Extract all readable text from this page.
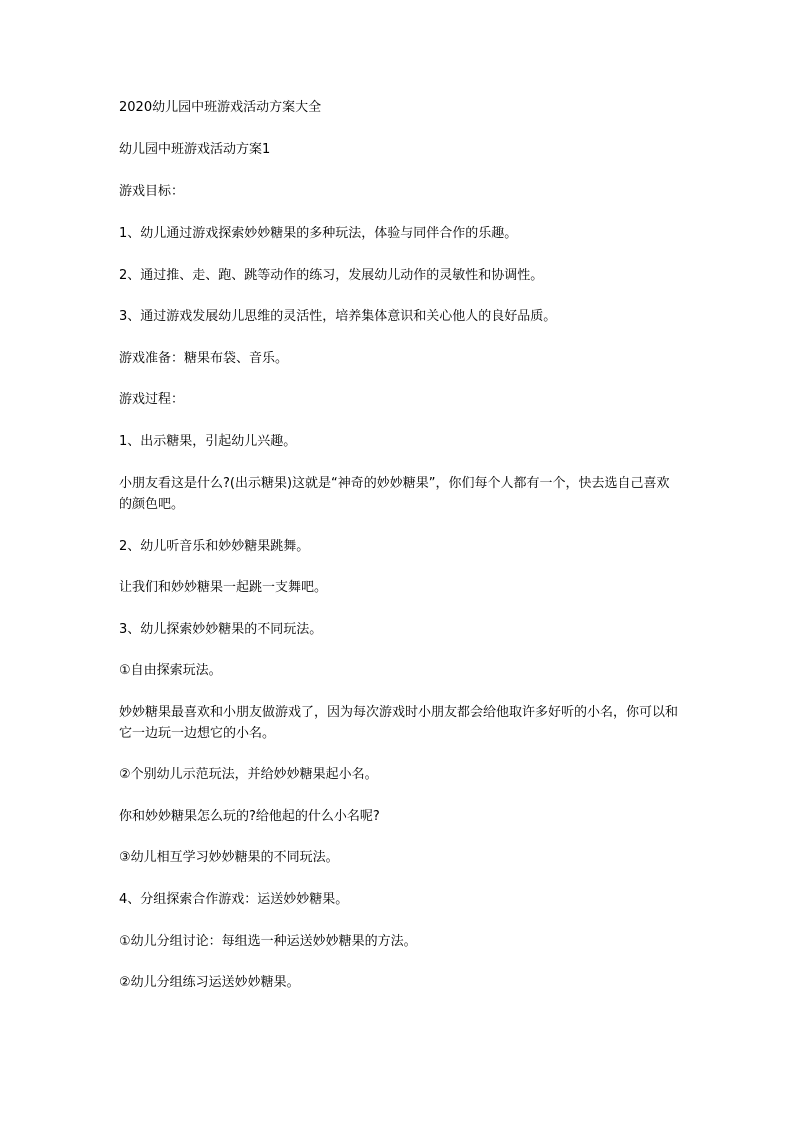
2020幼儿园中班游戏活动方案大全

幼儿园中班游戏活动方案1

游戏目标：

1、幼儿通过游戏探索妙妙糖果的多种玩法，体验与同伴合作的乐趣。

2、通过推、走、跑、跳等动作的练习，发展幼儿动作的灵敏性和协调性。

3、通过游戏发展幼儿思维的灵活性，培养集体意识和关心他人的良好品质。

游戏准备：糖果布袋、音乐。

游戏过程：

1、出示糖果，引起幼儿兴趣。

小朋友看这是什么?(出示糖果)这就是“神奇的妙妙糖果”，你们每个人都有一个，快去选自己喜欢的颜色吧。

2、幼儿听音乐和妙妙糖果跳舞。

让我们和妙妙糖果一起跳一支舞吧。

3、幼儿探索妙妙糖果的不同玩法。

①自由探索玩法。

妙妙糖果最喜欢和小朋友做游戏了，因为每次游戏时小朋友都会给他取许多好听的小名，你可以和它一边玩一边想它的小名。

②个别幼儿示范玩法，并给妙妙糖果起小名。

你和妙妙糖果怎么玩的?给他起的什么小名呢?

③幼儿相互学习妙妙糖果的不同玩法。

4、分组探索合作游戏：运送妙妙糖果。

①幼儿分组讨论：每组选一种运送妙妙糖果的方法。

②幼儿分组练习运送妙妙糖果。
